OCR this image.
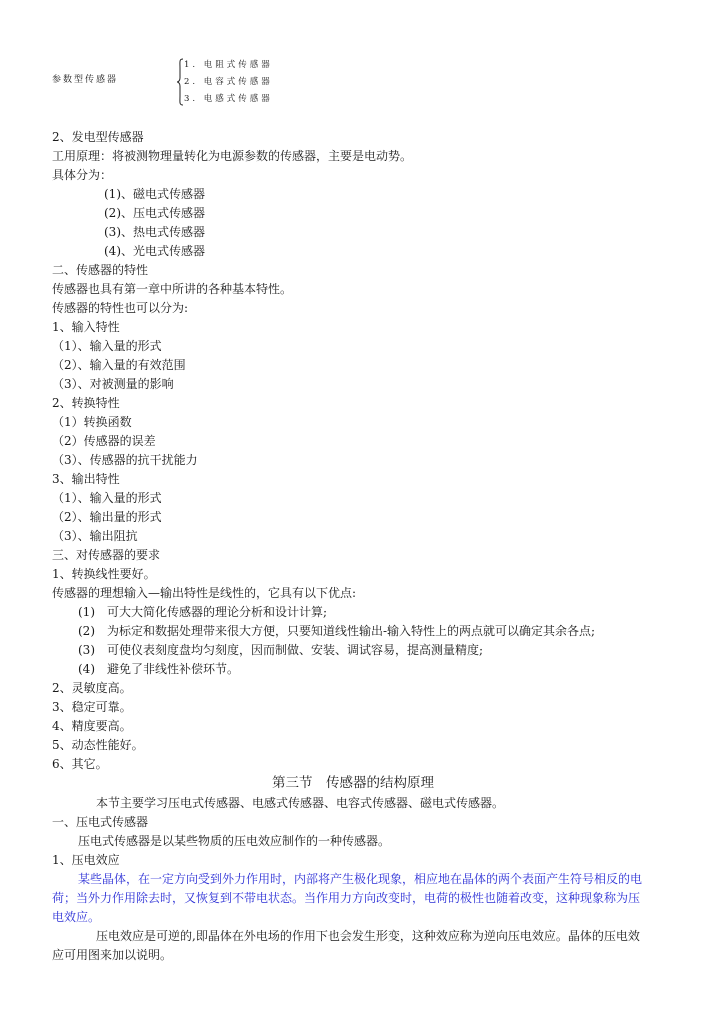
参数型传感器
1. 电阻式传感器
2. 电容式传感器
3. 电感式传感器
2、发电型传感器
工用原理：将被测物理量转化为电源参数的传感器，主要是电动势。
具体分为：
(1)、磁电式传感器
(2)、压电式传感器
(3)、热电式传感器
(4)、光电式传感器
二、传感器的特性
传感器也具有第一章中所讲的各种基本特性。
传感器的特性也可以分为:
1、输入特性
（1）、输入量的形式
（2）、输入量的有效范围
（3）、对被测量的影响
2、转换特性
（1）转换函数
（2）传感器的误差
（3）、传感器的抗干扰能力
3、输出特性
（1）、输入量的形式
（2）、输出量的形式
（3）、输出阻抗
三、对传感器的要求
1、转换线性要好。
传感器的理想输入—输出特性是线性的，它具有以下优点:
(1)　可大大简化传感器的理论分析和设计计算;
(2)　为标定和数据处理带来很大方便，只要知道线性输出-输入特性上的两点就可以确定其余各点;
(3)　可使仪表刻度盘均匀刻度，因而制做、安装、调试容易，提高测量精度;
(4)　避免了非线性补偿环节。
2、灵敏度高。
3、稳定可靠。
4、精度要高。
5、动态性能好。
6、其它。
第三节　传感器的结构原理
本节主要学习压电式传感器、电感式传感器、电容式传感器、磁电式传感器。
一、压电式传感器
压电式传感器是以某些物质的压电效应制作的一种传感器。
1、压电效应
某些晶体，在一定方向受到外力作用时，内部将产生极化现象，相应地在晶体的两个表面产生符号相反的电
荷；当外力作用除去时，又恢复到不带电状态。当作用力方向改变时，电荷的极性也随着改变，这种现象称为压
电效应。
压电效应是可逆的,即晶体在外电场的作用下也会发生形变，这种效应称为逆向压电效应。晶体的压电效
应可用图来加以说明。
